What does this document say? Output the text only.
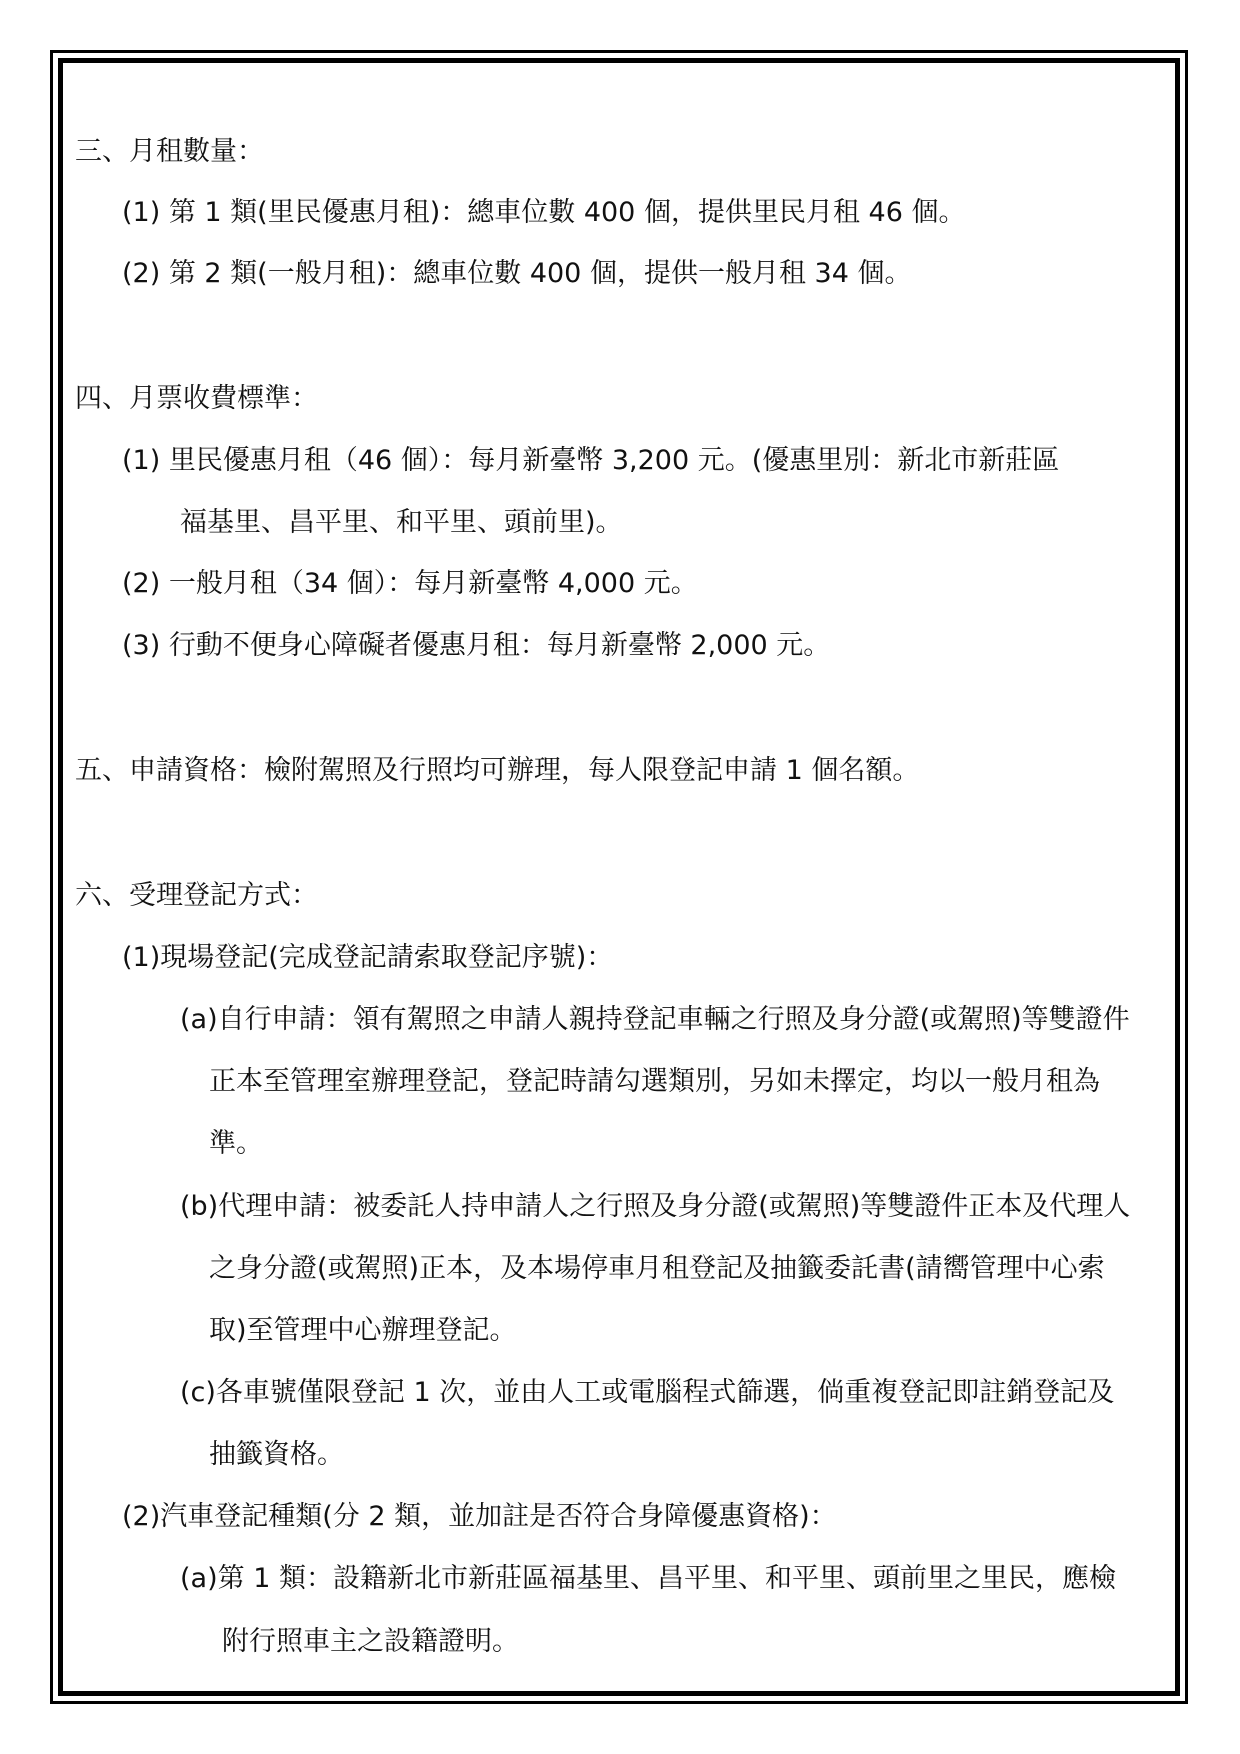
三、月租數量：
(1) 第 1 類(里民優惠月租)：總車位數 400 個，提供里民月租 46 個。
(2) 第 2 類(一般月租)：總車位數 400 個，提供一般月租 34 個。
四、月票收費標準：
(1) 里民優惠月租（46 個）：每月新臺幣 3,200 元。(優惠里別：新北市新莊區
福基里、昌平里、和平里、頭前里)。
(2) 一般月租（34 個）：每月新臺幣 4,000 元。
(3) 行動不便身心障礙者優惠月租：每月新臺幣 2,000 元。
五、申請資格：檢附駕照及行照均可辦理，每人限登記申請 1 個名額。
六、受理登記方式：
(1)現場登記(完成登記請索取登記序號)：
(a)自行申請：領有駕照之申請人親持登記車輛之行照及身分證(或駕照)等雙證件
正本至管理室辦理登記，登記時請勾選類別，另如未擇定，均以一般月租為
準。
(b)代理申請：被委託人持申請人之行照及身分證(或駕照)等雙證件正本及代理人
之身分證(或駕照)正本，及本場停車月租登記及抽籤委託書(請嚮管理中心索
取)至管理中心辦理登記。
(c)各車號僅限登記 1 次，並由人工或電腦程式篩選，倘重複登記即註銷登記及
抽籤資格。
(2)汽車登記種類(分 2 類，並加註是否符合身障優惠資格)：
(a)第 1 類：設籍新北市新莊區福基里、昌平里、和平里、頭前里之里民，應檢
附行照車主之設籍證明。
